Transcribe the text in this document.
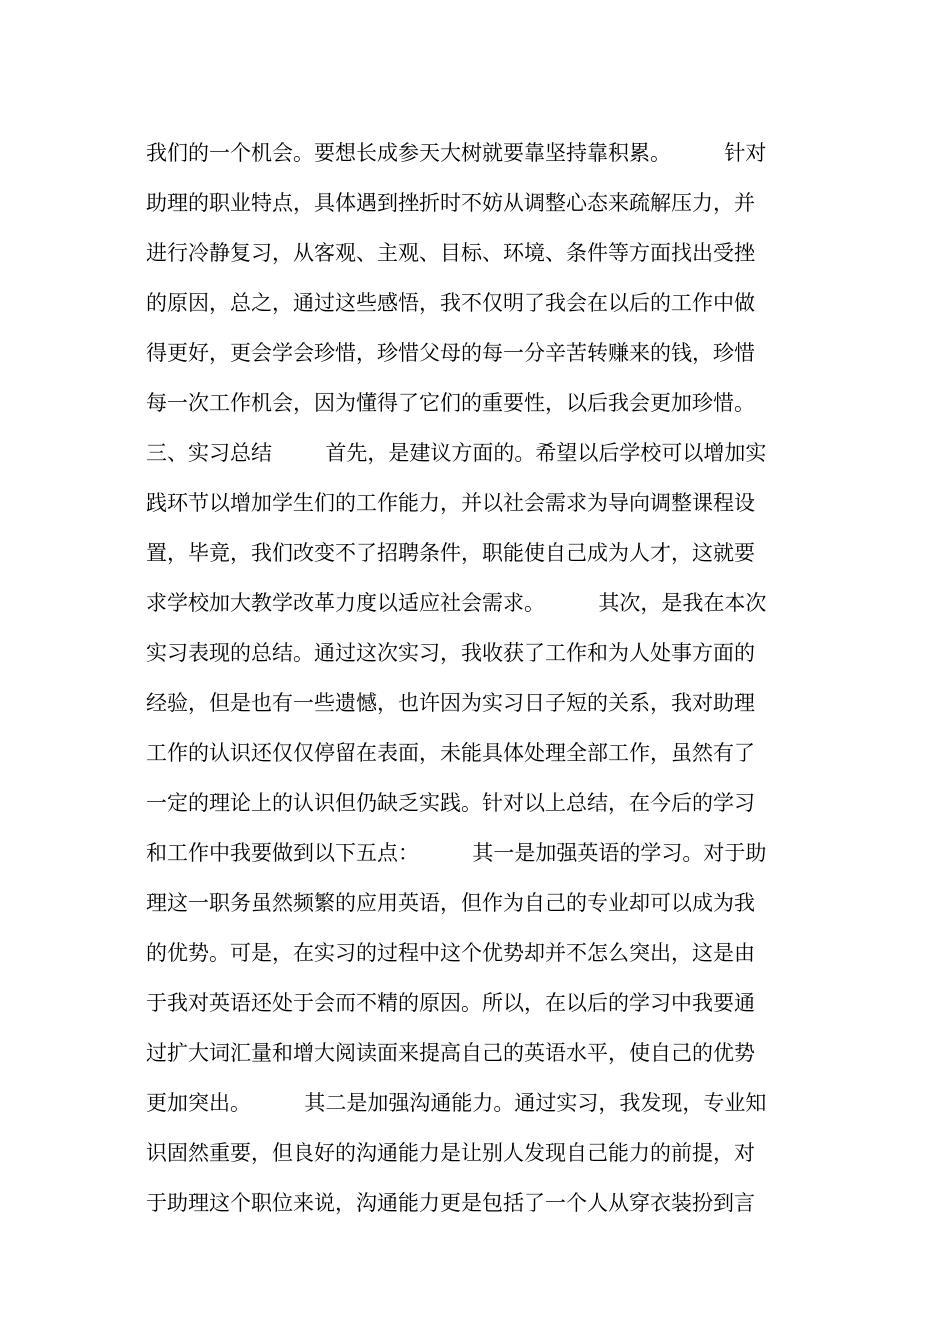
我们的一个机会。要想长成参天大树就要靠坚持靠积累。        针对
助理的职业特点，具体遇到挫折时不妨从调整心态来疏解压力，并
进行冷静复习，从客观、主观、目标、环境、条件等方面找出受挫
的原因，总之，通过这些感悟，我不仅明了我会在以后的工作中做
得更好，更会学会珍惜，珍惜父母的每一分辛苦转赚来的钱，珍惜
每一次工作机会，因为懂得了它们的重要性，以后我会更加珍惜。
三、实习总结        首先，是建议方面的。希望以后学校可以增加实
践环节以增加学生们的工作能力，并以社会需求为导向调整课程设
置，毕竟，我们改变不了招聘条件，职能使自己成为人才，这就要
求学校加大教学改革力度以适应社会需求。        其次，是我在本次
实习表现的总结。通过这次实习，我收获了工作和为人处事方面的
经验，但是也有一些遗憾，也许因为实习日子短的关系，我对助理
工作的认识还仅仅停留在表面，未能具体处理全部工作，虽然有了
一定的理论上的认识但仍缺乏实践。针对以上总结，在今后的学习
和工作中我要做到以下五点：        其一是加强英语的学习。对于助
理这一职务虽然频繁的应用英语，但作为自己的专业却可以成为我
的优势。可是，在实习的过程中这个优势却并不怎么突出，这是由
于我对英语还处于会而不精的原因。所以，在以后的学习中我要通
过扩大词汇量和增大阅读面来提高自己的英语水平，使自己的优势
更加突出。        其二是加强沟通能力。通过实习，我发现，专业知
识固然重要，但良好的沟通能力是让别人发现自己能力的前提，对
于助理这个职位来说，沟通能力更是包括了一个人从穿衣装扮到言
